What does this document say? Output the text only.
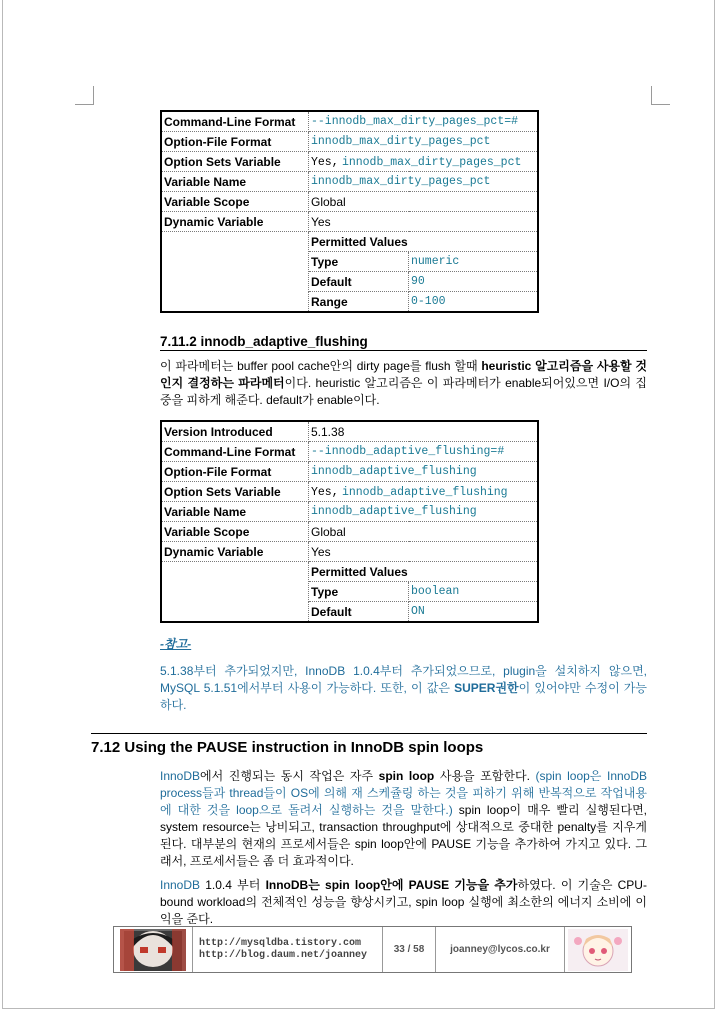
Command-Line Format	--innodb_max_dirty_pages_pct=#	
Option-File Format	innodb_max_dirty_pages_pct	
Option Sets Variable	Yes, innodb_max_dirty_pages_pct	
Variable Name	innodb_max_dirty_pages_pct	
Variable Scope	Global	
Dynamic Variable	Yes	
	Permitted Values	
	Type	numeric
	Default	90
	Range	0-100
7.11.2 innodb_adaptive_flushing
이 파라메터는 buffer pool cache안의 dirty page를 flush 할때 heuristic 알고리즘을 사용할 것인지 결정하는 파라메터이다. heuristic 알고리즘은 이 파라메터가 enable되어있으면 I/O의 집중을 피하게 해준다. default가 enable이다.
Version Introduced	5.1.38	
Command-Line Format	--innodb_adaptive_flushing=#	
Option-File Format	innodb_adaptive_flushing	
Option Sets Variable	Yes, innodb_adaptive_flushing	
Variable Name	innodb_adaptive_flushing	
Variable Scope	Global	
Dynamic Variable	Yes	
	Permitted Values	
	Type	boolean
	Default	ON
-참고-
5.1.38부터 추가되었지만, InnoDB 1.0.4부터 추가되었으므로, plugin을 설치하지 않으면, MySQL 5.1.51에서부터 사용이 가능하다. 또한, 이 값은 SUPER권한이 있어야만 수정이 가능하다.
7.12 Using the PAUSE instruction in InnoDB spin loops
InnoDB에서 진행되는 동시 작업은 자주 spin loop 사용을 포함한다. (spin loop은 InnoDB process들과 thread들이 OS에 의해 재 스케쥴링 하는 것을 피하기 위해 반복적으로 작업내용에 대한 것을 loop으로 돌려서 실행하는 것을 말한다.) spin loop이 매우 빨리 실행된다면, system resource는 낭비되고, transaction throughput에 상대적으로 중대한 penalty를 지우게 된다. 대부분의 현재의 프로세서들은 spin loop안에 PAUSE 기능을 추가하여 가지고 있다. 그래서, 프로세서들은 좀 더 효과적이다.
InnoDB 1.0.4 부터 InnoDB는 spin loop안에 PAUSE 기능을 추가하였다. 이 기술은 CPU-bound workload의 전체적인 성능을 향상시키고, spin loop 실행에 최소한의 에너지 소비에 이익을 준다.
http://mysqldba.tistory.com
http://blog.daum.net/joanney	33 / 58	joanney@lycos.co.kr
